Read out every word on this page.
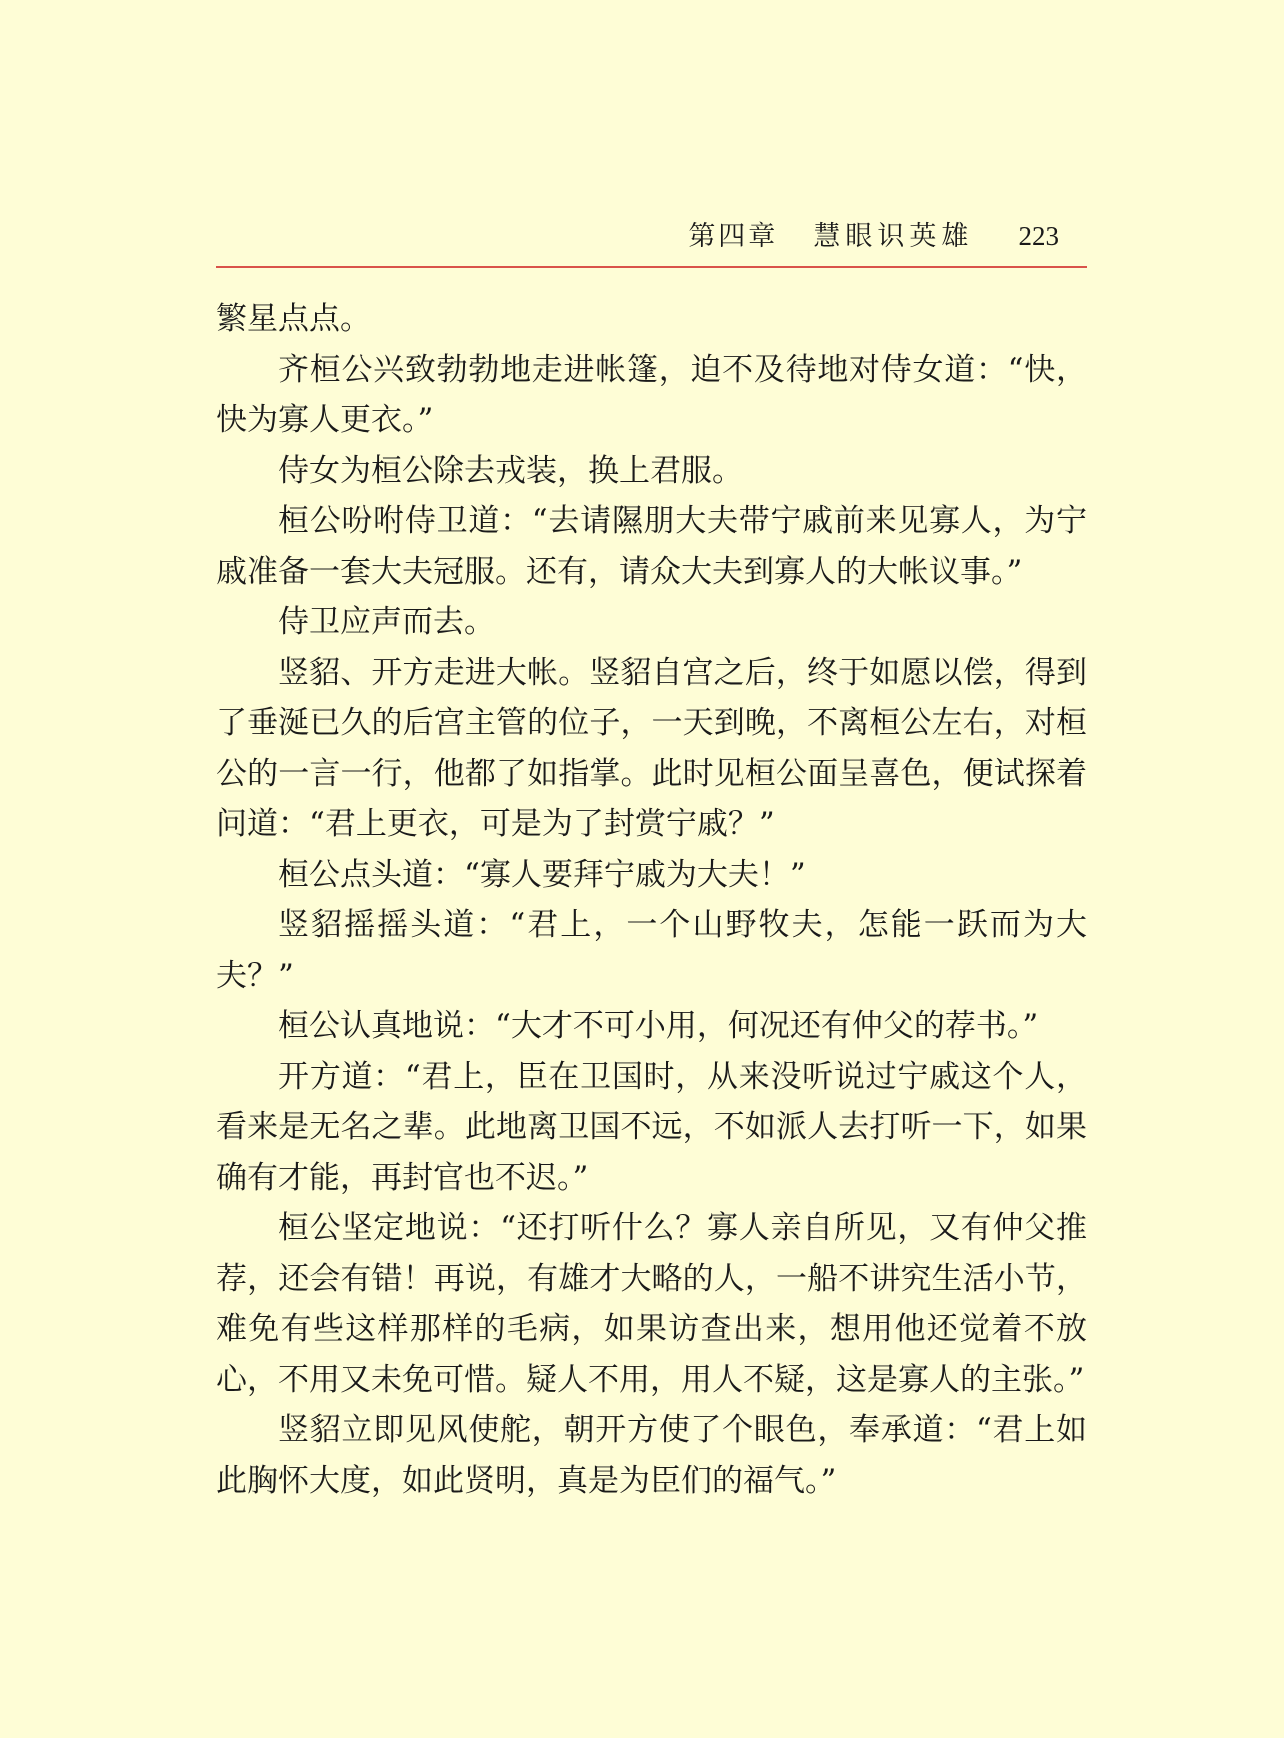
第四章 慧眼识英雄 223

繁星点点。

齐桓公兴致勃勃地走进帐篷，迫不及待地对侍女道：“快，快为寡人更衣。”

侍女为桓公除去戎装，换上君服。

桓公吩咐侍卫道：“去请隰朋大夫带宁戚前来见寡人，为宁戚准备一套大夫冠服。还有，请众大夫到寡人的大帐议事。”

侍卫应声而去。

竖貂、开方走进大帐。竖貂自宫之后，终于如愿以偿，得到了垂涎已久的后宫主管的位子，一天到晚，不离桓公左右，对桓公的一言一行，他都了如指掌。此时见桓公面呈喜色，便试探着问道：“君上更衣，可是为了封赏宁戚？”

桓公点头道：“寡人要拜宁戚为大夫！”

竖貂摇摇头道：“君上，一个山野牧夫，怎能一跃而为大夫？”

桓公认真地说：“大才不可小用，何况还有仲父的荐书。”

开方道：“君上，臣在卫国时，从来没听说过宁戚这个人，看来是无名之辈。此地离卫国不远，不如派人去打听一下，如果确有才能，再封官也不迟。”

桓公坚定地说：“还打听什么？寡人亲自所见，又有仲父推荐，还会有错！再说，有雄才大略的人，一船不讲究生活小节，难免有些这样那样的毛病，如果访查出来，想用他还觉着不放心，不用又未免可惜。疑人不用，用人不疑，这是寡人的主张。”

竖貂立即见风使舵，朝开方使了个眼色，奉承道：“君上如此胸怀大度，如此贤明，真是为臣们的福气。”
